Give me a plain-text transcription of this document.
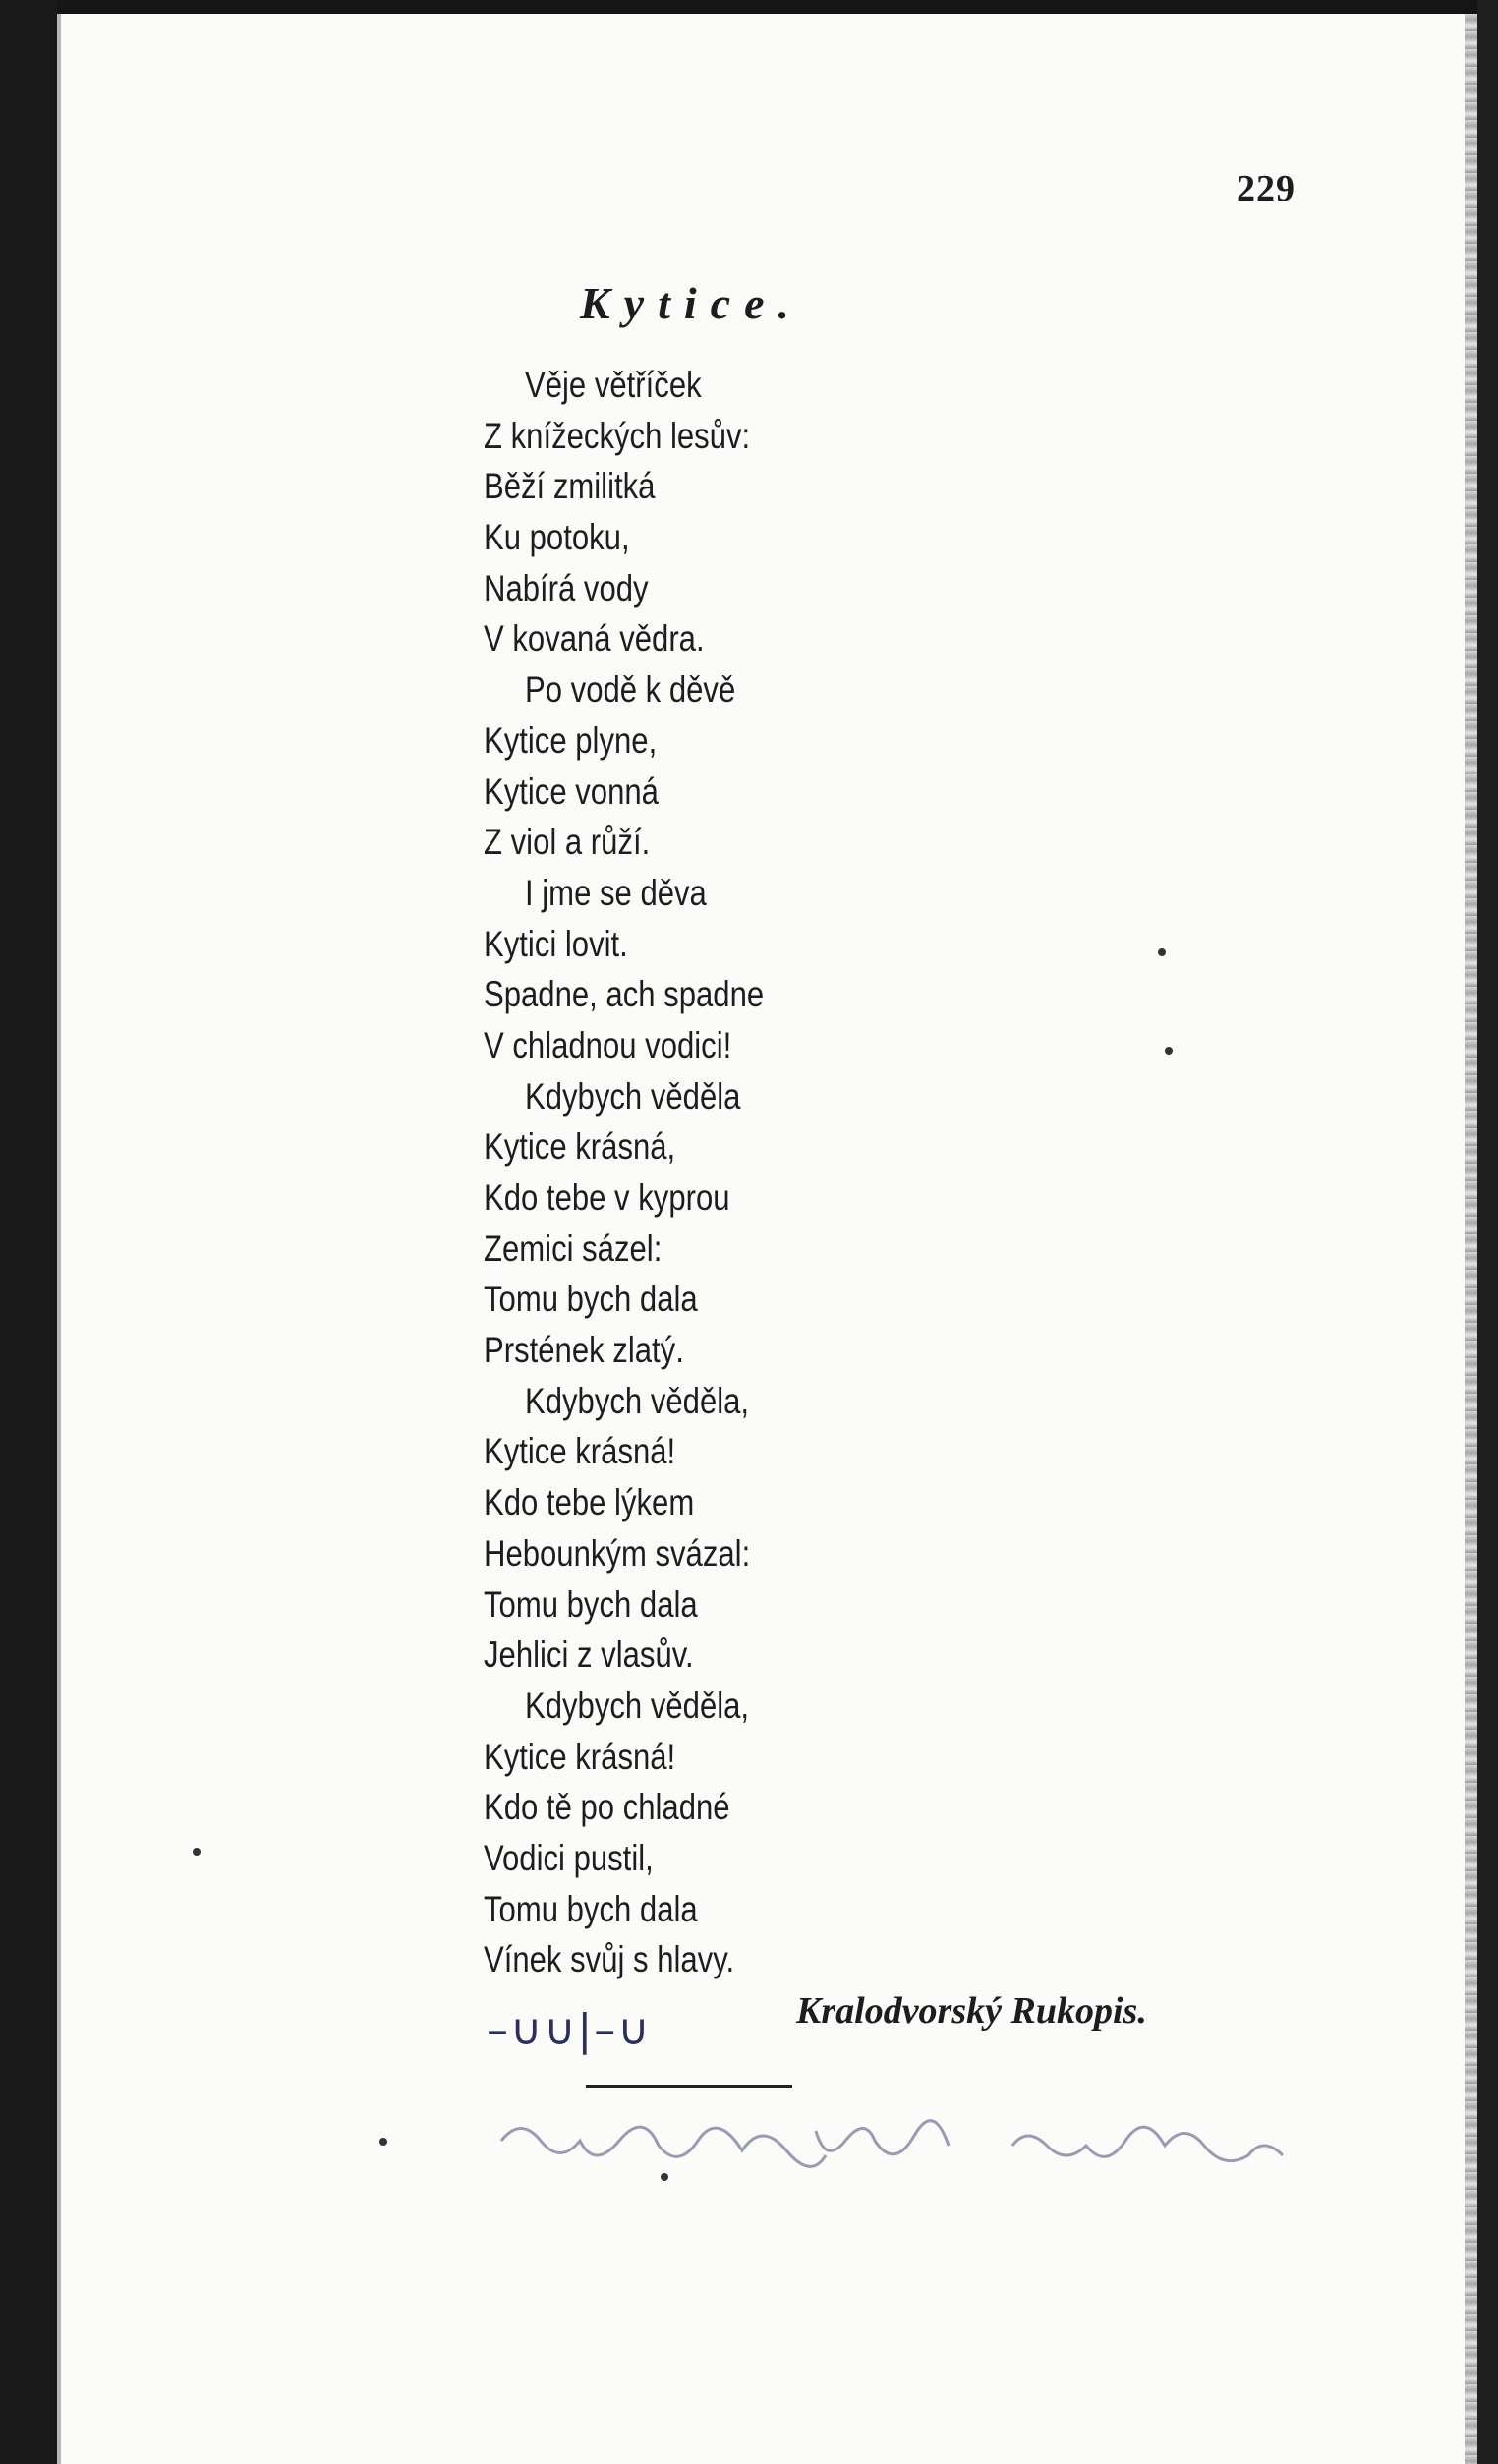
229
Kytice.
Věje větříček
Z knížeckých lesův:
Běží zmilitká
Ku potoku,
Nabírá vody
V kovaná vědra.
Po vodě k děvě
Kytice plyne,
Kytice vonná
Z viol a růží.
I jme se děva
Kytici lovit.
Spadne, ach spadne
V chladnou vodici!
Kdybych věděla
Kytice krásná,
Kdo tebe v kyprou
Zemici sázel:
Tomu bych dala
Prstének zlatý.
Kdybych věděla,
Kytice krásná!
Kdo tebe lýkem
Hebounkým svázal:
Tomu bych dala
Jehlici z vlasův.
Kdybych věděla,
Kytice krásná!
Kdo tě po chladné
Vodici pustil,
Tomu bych dala
Vínek svůj s hlavy.
Kralodvorský Rukopis.
–∪∪|–∪
